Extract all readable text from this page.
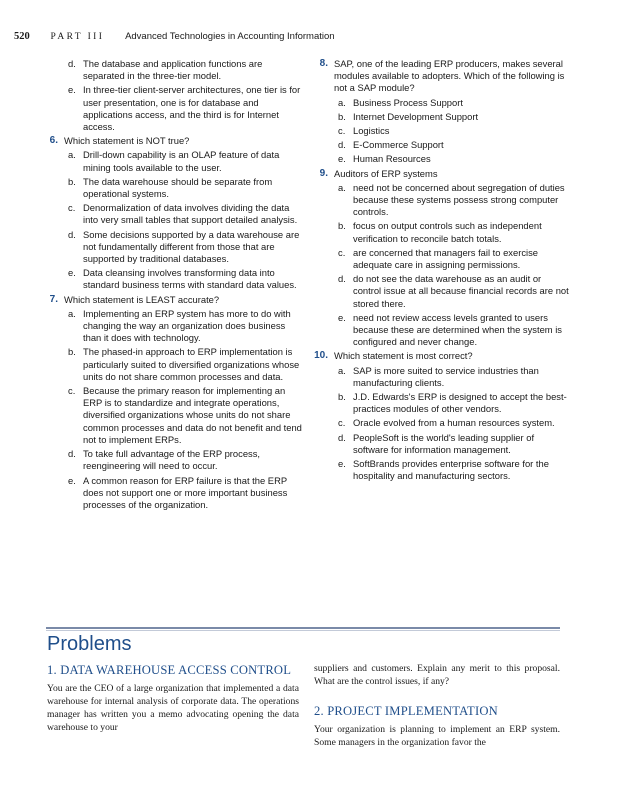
520 PART III Advanced Technologies in Accounting Information
d. The database and application functions are separated in the three-tier model.
e. In three-tier client-server architectures, one tier is for user presentation, one is for database and applications access, and the third is for Internet access.
6. Which statement is NOT true?
a. Drill-down capability is an OLAP feature of data mining tools available to the user.
b. The data warehouse should be separate from operational systems.
c. Denormalization of data involves dividing the data into very small tables that support detailed analysis.
d. Some decisions supported by a data warehouse are not fundamentally different from those that are supported by traditional databases.
e. Data cleansing involves transforming data into standard business terms with standard data values.
7. Which statement is LEAST accurate?
a. Implementing an ERP system has more to do with changing the way an organization does business than it does with technology.
b. The phased-in approach to ERP implementation is particularly suited to diversified organizations whose units do not share common processes and data.
c. Because the primary reason for implementing an ERP is to standardize and integrate operations, diversified organizations whose units do not share common processes and data do not benefit and tend not to implement ERPs.
d. To take full advantage of the ERP process, reengineering will need to occur.
e. A common reason for ERP failure is that the ERP does not support one or more important business processes of the organization.
8. SAP, one of the leading ERP producers, makes several modules available to adopters. Which of the following is not a SAP module?
a. Business Process Support
b. Internet Development Support
c. Logistics
d. E-Commerce Support
e. Human Resources
9. Auditors of ERP systems
a. need not be concerned about segregation of duties because these systems possess strong computer controls.
b. focus on output controls such as independent verification to reconcile batch totals.
c. are concerned that managers fail to exercise adequate care in assigning permissions.
d. do not see the data warehouse as an audit or control issue at all because financial records are not stored there.
e. need not review access levels granted to users because these are determined when the system is configured and never change.
10. Which statement is most correct?
a. SAP is more suited to service industries than manufacturing clients.
b. J.D. Edwards's ERP is designed to accept the best-practices modules of other vendors.
c. Oracle evolved from a human resources system.
d. PeopleSoft is the world's leading supplier of software for information management.
e. SoftBrands provides enterprise software for the hospitality and manufacturing sectors.
Problems
1. DATA WAREHOUSE ACCESS CONTROL

You are the CEO of a large organization that implemented a data warehouse for internal analysis of corporate data. The operations manager has written you a memo advocating opening the data warehouse to your

suppliers and customers. Explain any merit to this proposal. What are the control issues, if any?

2. PROJECT IMPLEMENTATION

Your organization is planning to implement an ERP system. Some managers in the organization favor the
